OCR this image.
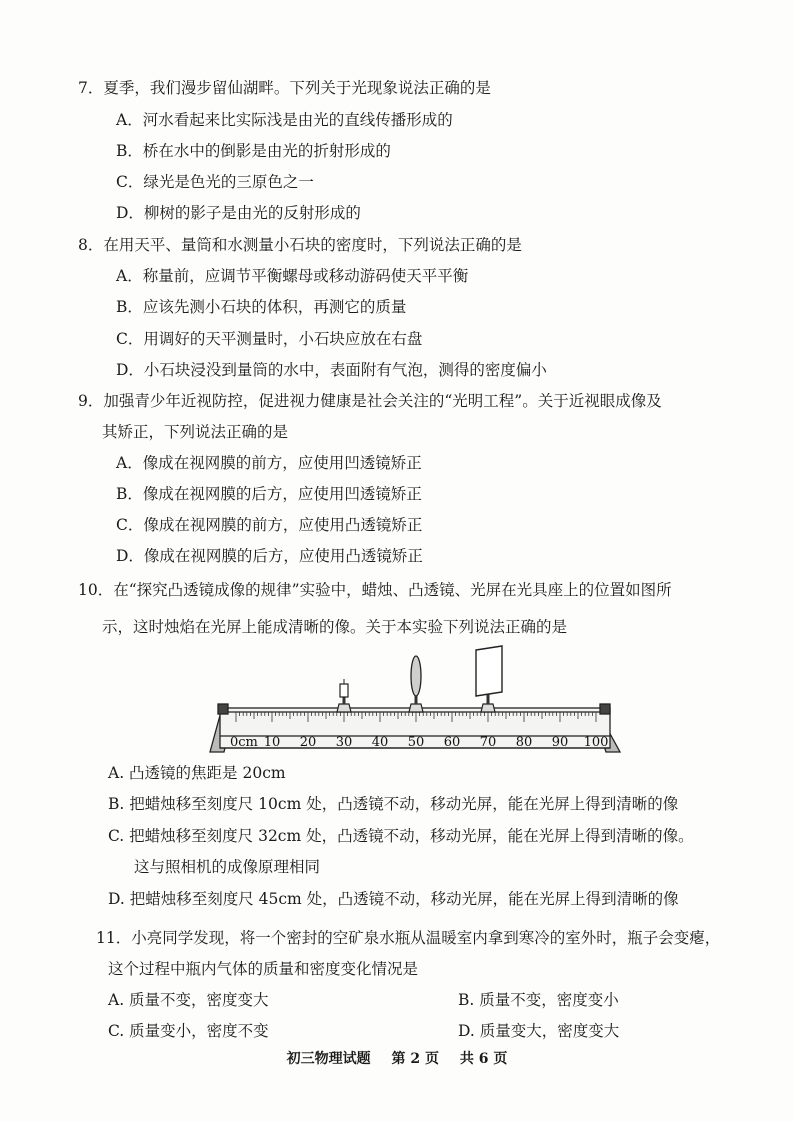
7．夏季，我们漫步留仙湖畔。下列关于光现象说法正确的是
A．河水看起来比实际浅是由光的直线传播形成的
B．桥在水中的倒影是由光的折射形成的
C．绿光是色光的三原色之一
D．柳树的影子是由光的反射形成的
8．在用天平、量筒和水测量小石块的密度时，下列说法正确的是
A．称量前，应调节平衡螺母或移动游码使天平平衡
B．应该先测小石块的体积，再测它的质量
C．用调好的天平测量时，小石块应放在右盘
D．小石块浸没到量筒的水中，表面附有气泡，测得的密度偏小
9．加强青少年近视防控，促进视力健康是社会关注的“光明工程”。关于近视眼成像及
其矫正，下列说法正确的是
A．像成在视网膜的前方，应使用凹透镜矫正
B．像成在视网膜的后方，应使用凹透镜矫正
C．像成在视网膜的前方，应使用凸透镜矫正
D．像成在视网膜的后方，应使用凸透镜矫正
10．在“探究凸透镜成像的规律”实验中，蜡烛、凸透镜、光屏在光具座上的位置如图所
示，这时烛焰在光屏上能成清晰的像。关于本实验下列说法正确的是
0cm 10 20 30 40 50 60 70 80 90 100
A. 凸透镜的焦距是 20cm
B. 把蜡烛移至刻度尺 10cm 处，凸透镜不动，移动光屏，能在光屏上得到清晰的像
C. 把蜡烛移至刻度尺 32cm 处，凸透镜不动，移动光屏，能在光屏上得到清晰的像。
这与照相机的成像原理相同
D. 把蜡烛移至刻度尺 45cm 处，凸透镜不动，移动光屏，能在光屏上得到清晰的像
11．小亮同学发现，将一个密封的空矿泉水瓶从温暖室内拿到寒冷的室外时，瓶子会变瘪，
这个过程中瓶内气体的质量和密度变化情况是
A. 质量不变，密度变大	B. 质量不变，密度变小
C. 质量变小，密度不变	D. 质量变大，密度变大
初三物理试题 第 2 页 共 6 页
